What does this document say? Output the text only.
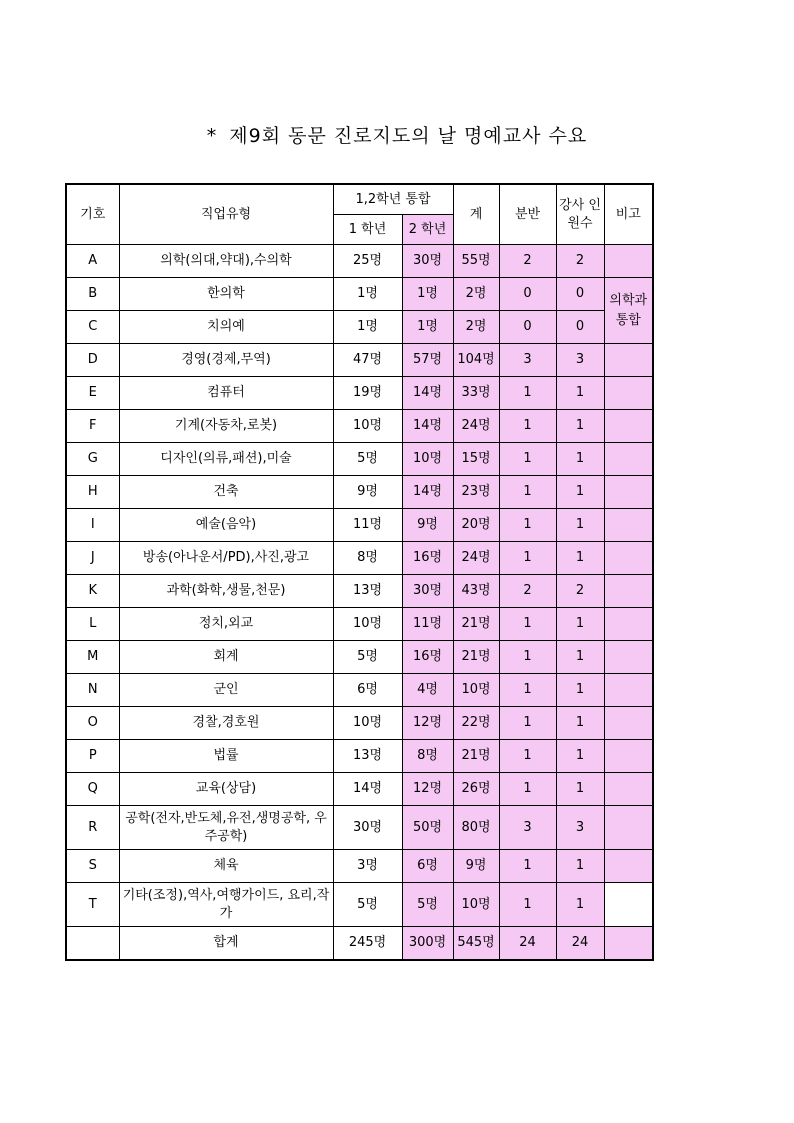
* 제9회 동문 진로지도의 날 명예교사 수요
기호	직업유형	1,2학년 통합		계	분반	강사 인원수	비고
		1 학년	2 학년				
A	의학(의대,약대),수의학	25명	30명	55명	2	2	
B	한의학	1명	1명	2명	0	0	의학과 통합
C	치의예	1명	1명	2명	0	0	
D	경영(경제,무역)	47명	57명	104명	3	3	
E	컴퓨터	19명	14명	33명	1	1	
F	기계(자동차,로봇)	10명	14명	24명	1	1	
G	디자인(의류,패션),미술	5명	10명	15명	1	1	
H	건축	9명	14명	23명	1	1	
I	예술(음악)	11명	9명	20명	1	1	
J	방송(아나운서/PD),사진,광고	8명	16명	24명	1	1	
K	과학(화학,생물,천문)	13명	30명	43명	2	2	
L	정치,외교	10명	11명	21명	1	1	
M	회계	5명	16명	21명	1	1	
N	군인	6명	4명	10명	1	1	
O	경찰,경호원	10명	12명	22명	1	1	
P	법률	13명	8명	21명	1	1	
Q	교육(상담)	14명	12명	26명	1	1	
R	공학(전자,반도체,유전,생명공학, 우주공학)	30명	50명	80명	3	3	
S	체육	3명	6명	9명	1	1	
T	기타(조정),역사,여행가이드, 요리,작가	5명	5명	10명	1	1	
	합계	245명	300명	545명	24	24	
